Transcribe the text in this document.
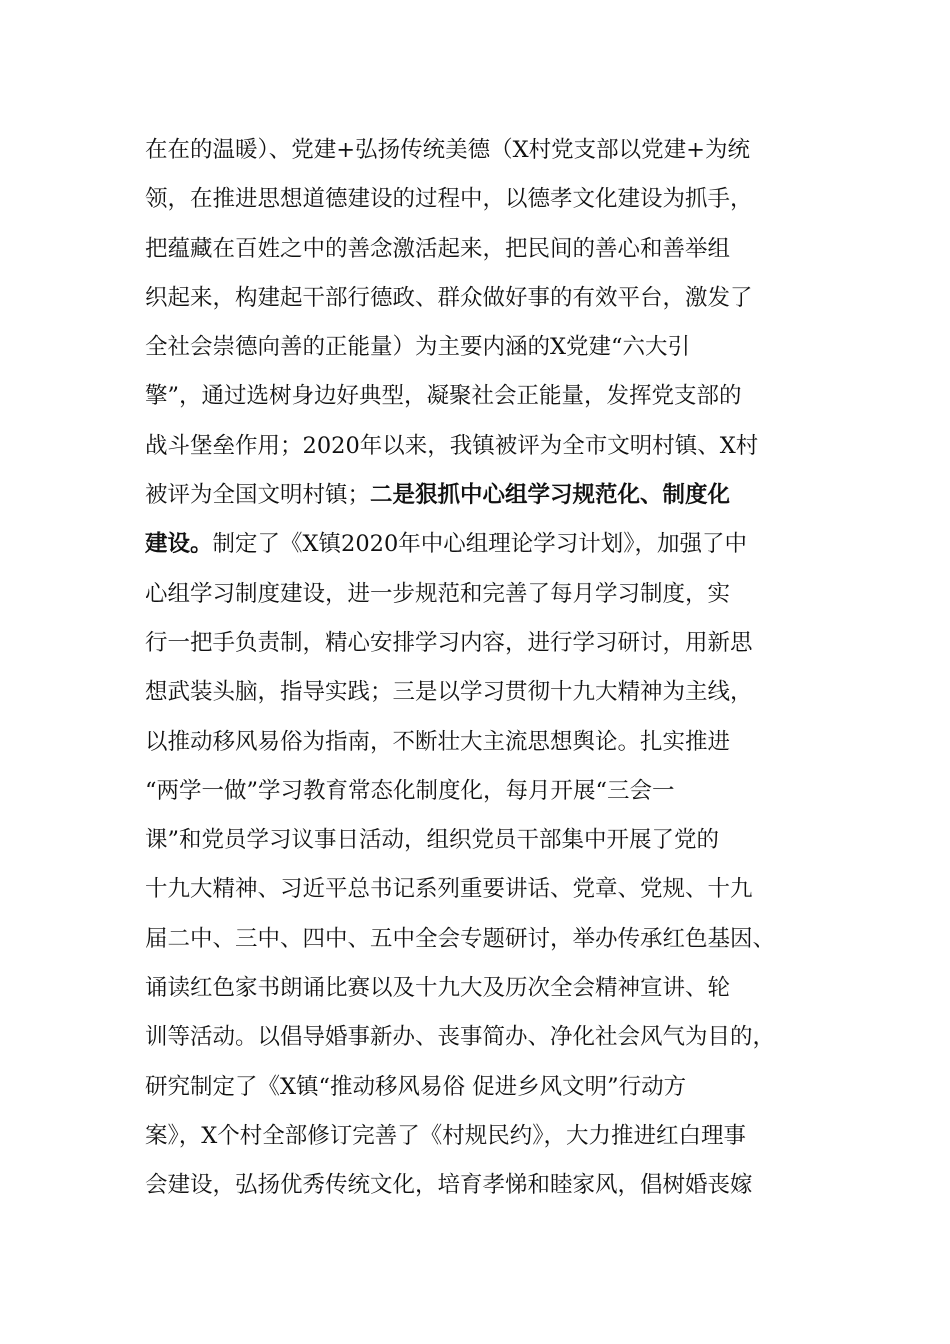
在在的温暖）、党建+弘扬传统美德（X村党支部以党建+为统
领，在推进思想道德建设的过程中，以德孝文化建设为抓手，
把蕴藏在百姓之中的善念激活起来，把民间的善心和善举组
织起来，构建起干部行德政、群众做好事的有效平台，激发了
全社会崇德向善的正能量）为主要内涵的X党建“六大引
擎”，通过选树身边好典型，凝聚社会正能量，发挥党支部的
战斗堡垒作用；2020年以来，我镇被评为全市文明村镇、X村
被评为全国文明村镇；二是狠抓中心组学习规范化、制度化
建设。制定了《X镇2020年中心组理论学习计划》，加强了中
心组学习制度建设，进一步规范和完善了每月学习制度，实
行一把手负责制，精心安排学习内容，进行学习研讨，用新思
想武装头脑，指导实践；三是以学习贯彻十九大精神为主线，
以推动移风易俗为指南，不断壮大主流思想舆论。扎实推进
“两学一做”学习教育常态化制度化，每月开展“三会一
课”和党员学习议事日活动，组织党员干部集中开展了党的
十九大精神、习近平总书记系列重要讲话、党章、党规、十九
届二中、三中、四中、五中全会专题研讨，举办传承红色基因、
诵读红色家书朗诵比赛以及十九大及历次全会精神宣讲、轮
训等活动。以倡导婚事新办、丧事简办、净化社会风气为目的，
研究制定了《X镇“推动移风易俗 促进乡风文明”行动方
案》，X个村全部修订完善了《村规民约》，大力推进红白理事
会建设，弘扬优秀传统文化，培育孝悌和睦家风，倡树婚丧嫁
